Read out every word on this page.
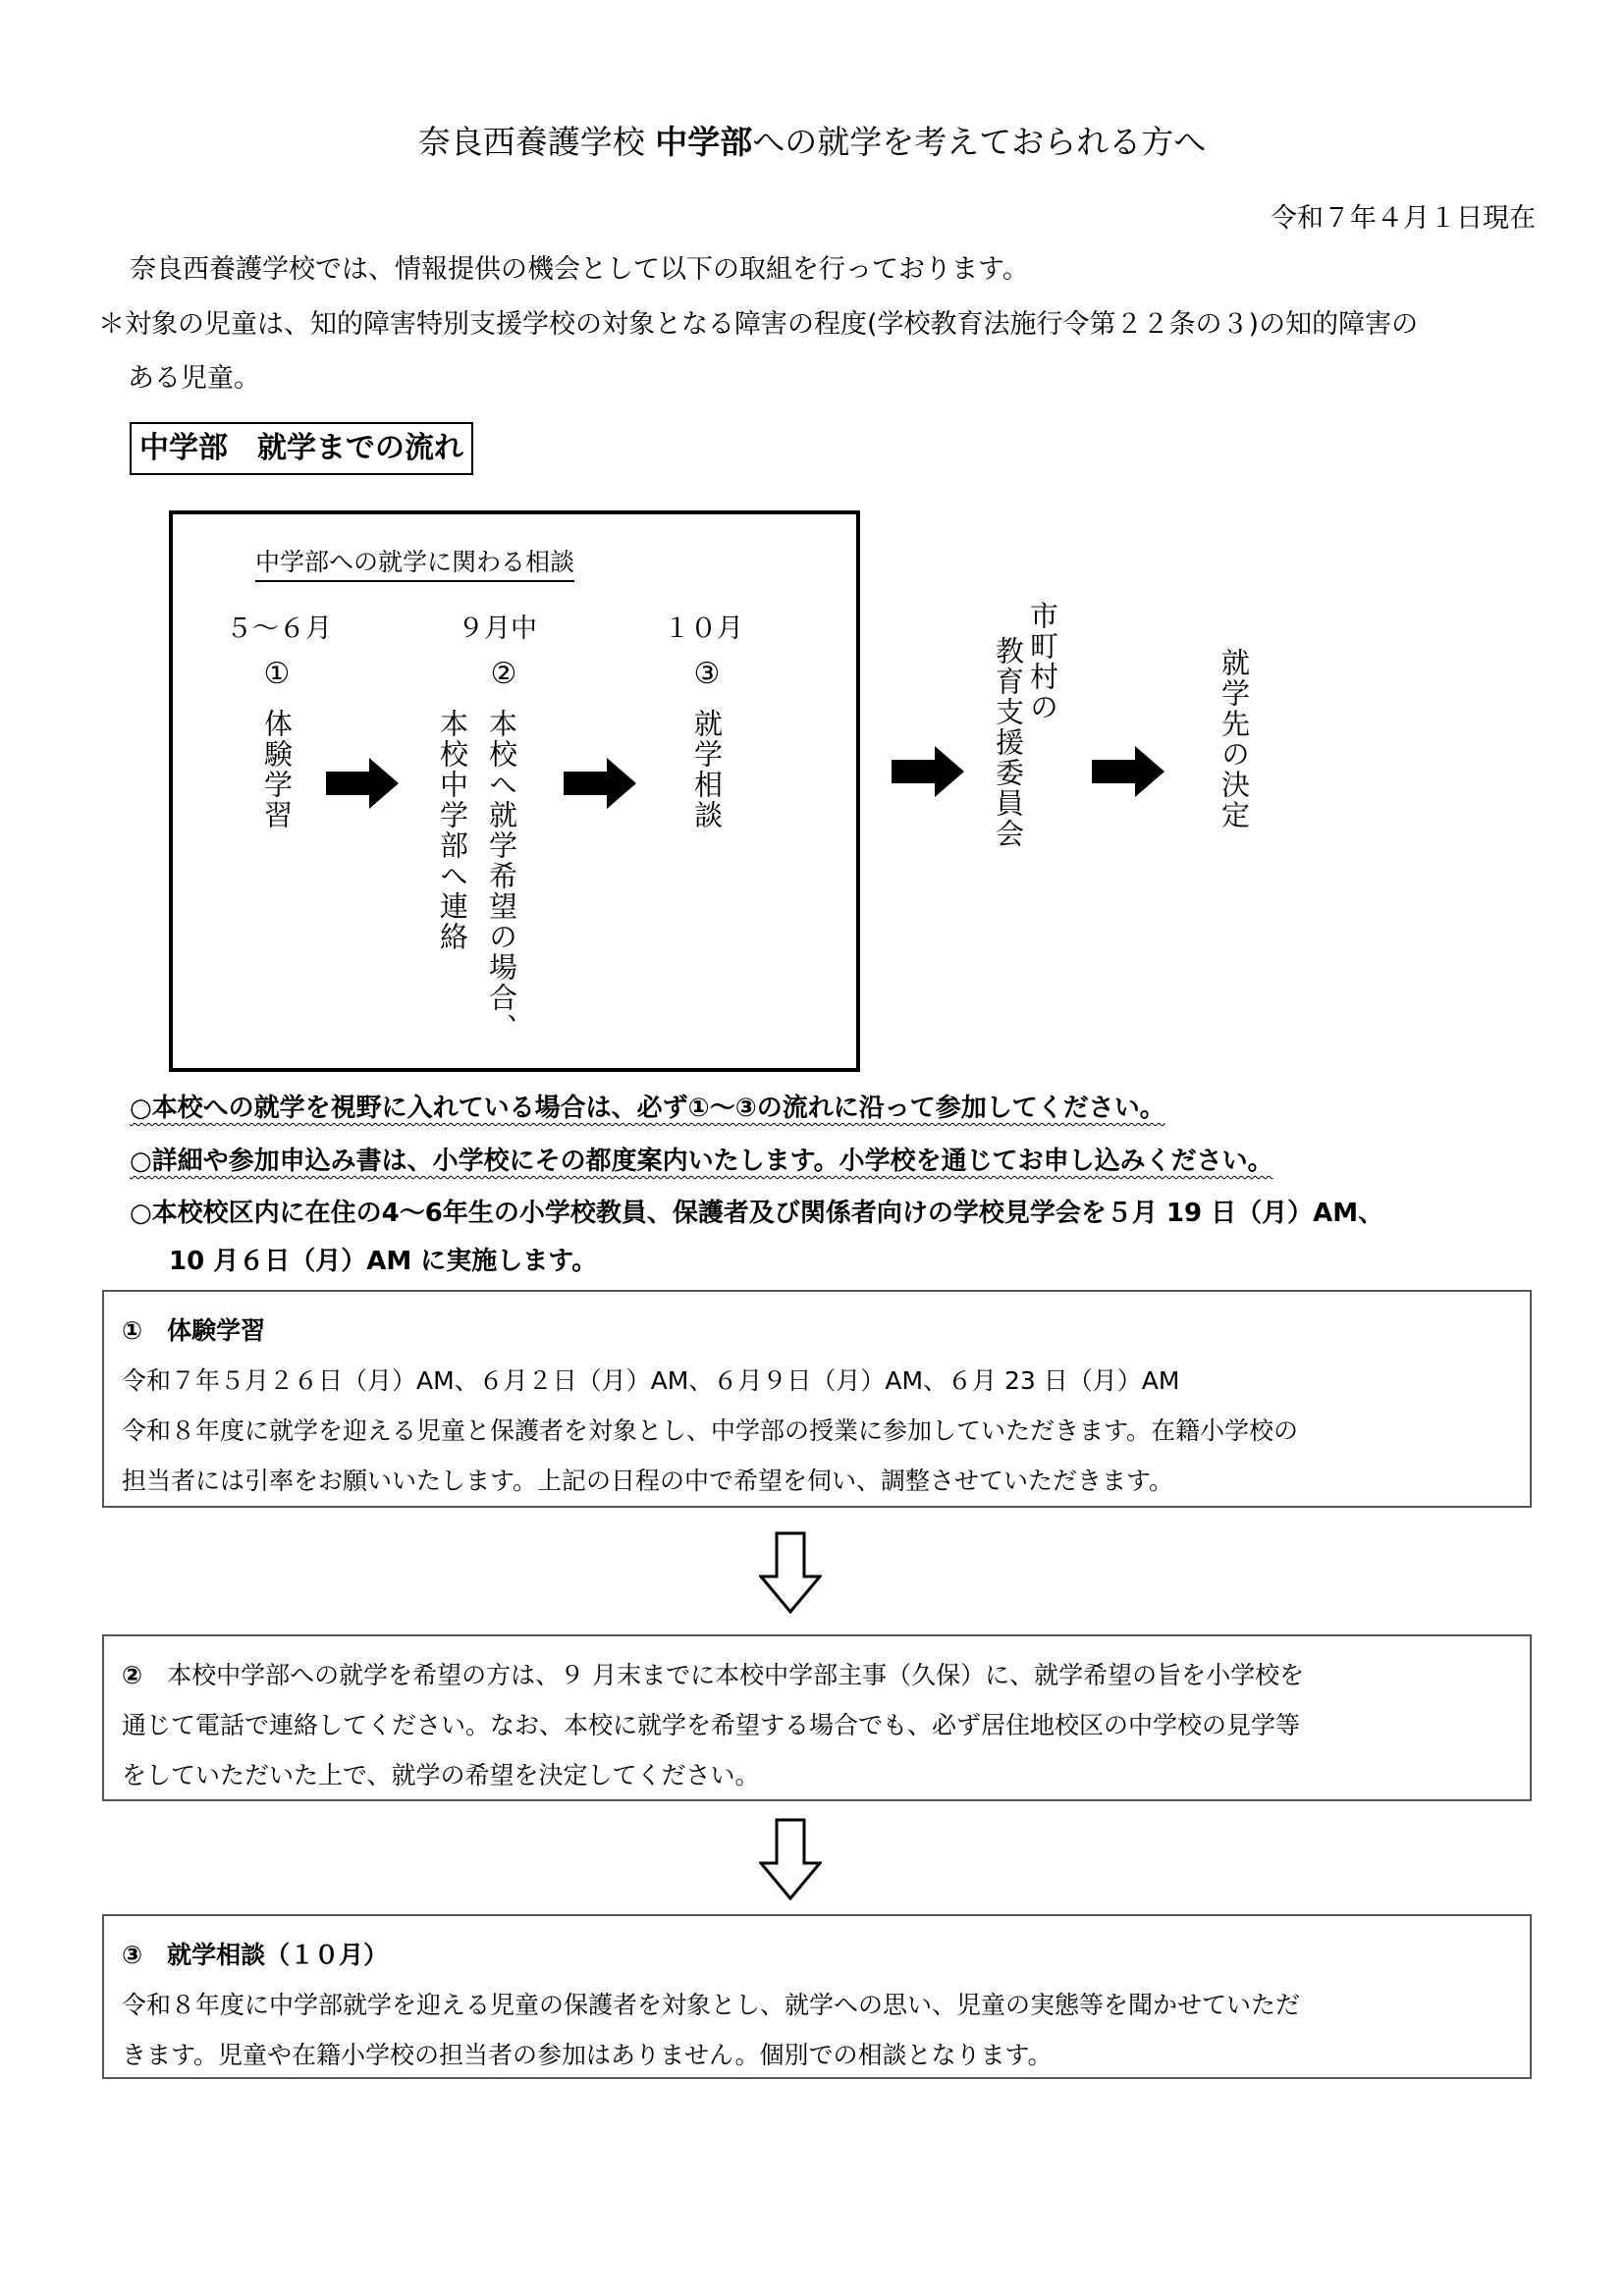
奈良西養護学校 中学部への就学を考えておられる方へ
令和７年４月１日現在
奈良西養護学校では、情報提供の機会として以下の取組を行っております。
＊対象の児童は、知的障害特別支援学校の対象となる障害の程度(学校教育法施行令第２２条の３)の知的障害の
ある児童。
中学部　就学までの流れ
中学部への就学に関わる相談
５～６月
①
体験学習
９月中
②
本校へ就学希望の場合、
本校中学部へ連絡
１０月
③
就学相談
市町村の
教育支援委員会	就学先の決定
○本校への就学を視野に入れている場合は、必ず①～③の流れに沿って参加してください。
○詳細や参加申込み書は、小学校にその都度案内いたします。小学校を通じてお申し込みください。
○本校校区内に在住の4～6年生の小学校教員、保護者及び関係者向けの学校見学会を５月 19 日（月）AM、
10 月６日（月）AM に実施します。
①　体験学習
令和７年５月２６日（月）AM、６月２日（月）AM、６月９日（月）AM、６月 23 日（月）AM
令和８年度に就学を迎える児童と保護者を対象とし、中学部の授業に参加していただきます。在籍小学校の
担当者には引率をお願いいたします。上記の日程の中で希望を伺い、調整させていただきます。
②　本校中学部への就学を希望の方は、９ 月末までに本校中学部主事（久保）に、就学希望の旨を小学校を
通じて電話で連絡してください。なお、本校に就学を希望する場合でも、必ず居住地校区の中学校の見学等
をしていただいた上で、就学の希望を決定してください。
③　就学相談（１０月）
令和８年度に中学部就学を迎える児童の保護者を対象とし、就学への思い、児童の実態等を聞かせていただ
きます。児童や在籍小学校の担当者の参加はありません。個別での相談となります。
